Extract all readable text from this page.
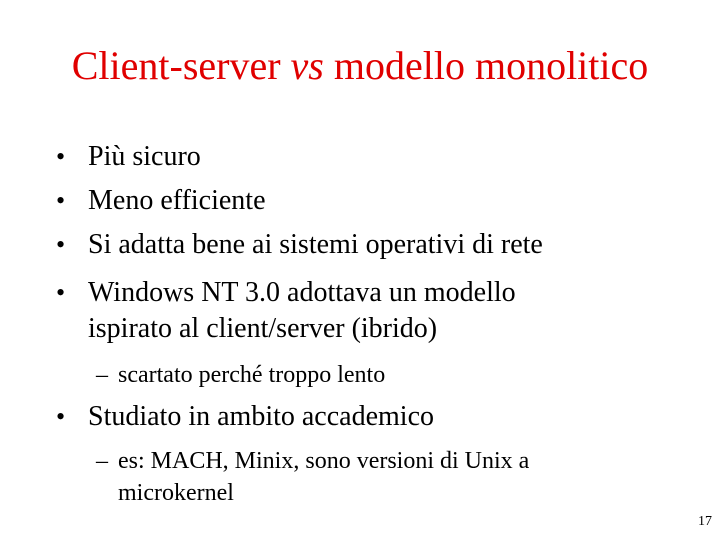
Client-server vs modello monolitico
• Più sicuro
• Meno efficiente
• Si adatta bene ai sistemi operativi di rete
• Windows NT 3.0 adottava un modello
ispirato al client/server (ibrido)
– scartato perché troppo lento
• Studiato in ambito accademico
– es: MACH, Minix, sono versioni di Unix a
microkernel
17
